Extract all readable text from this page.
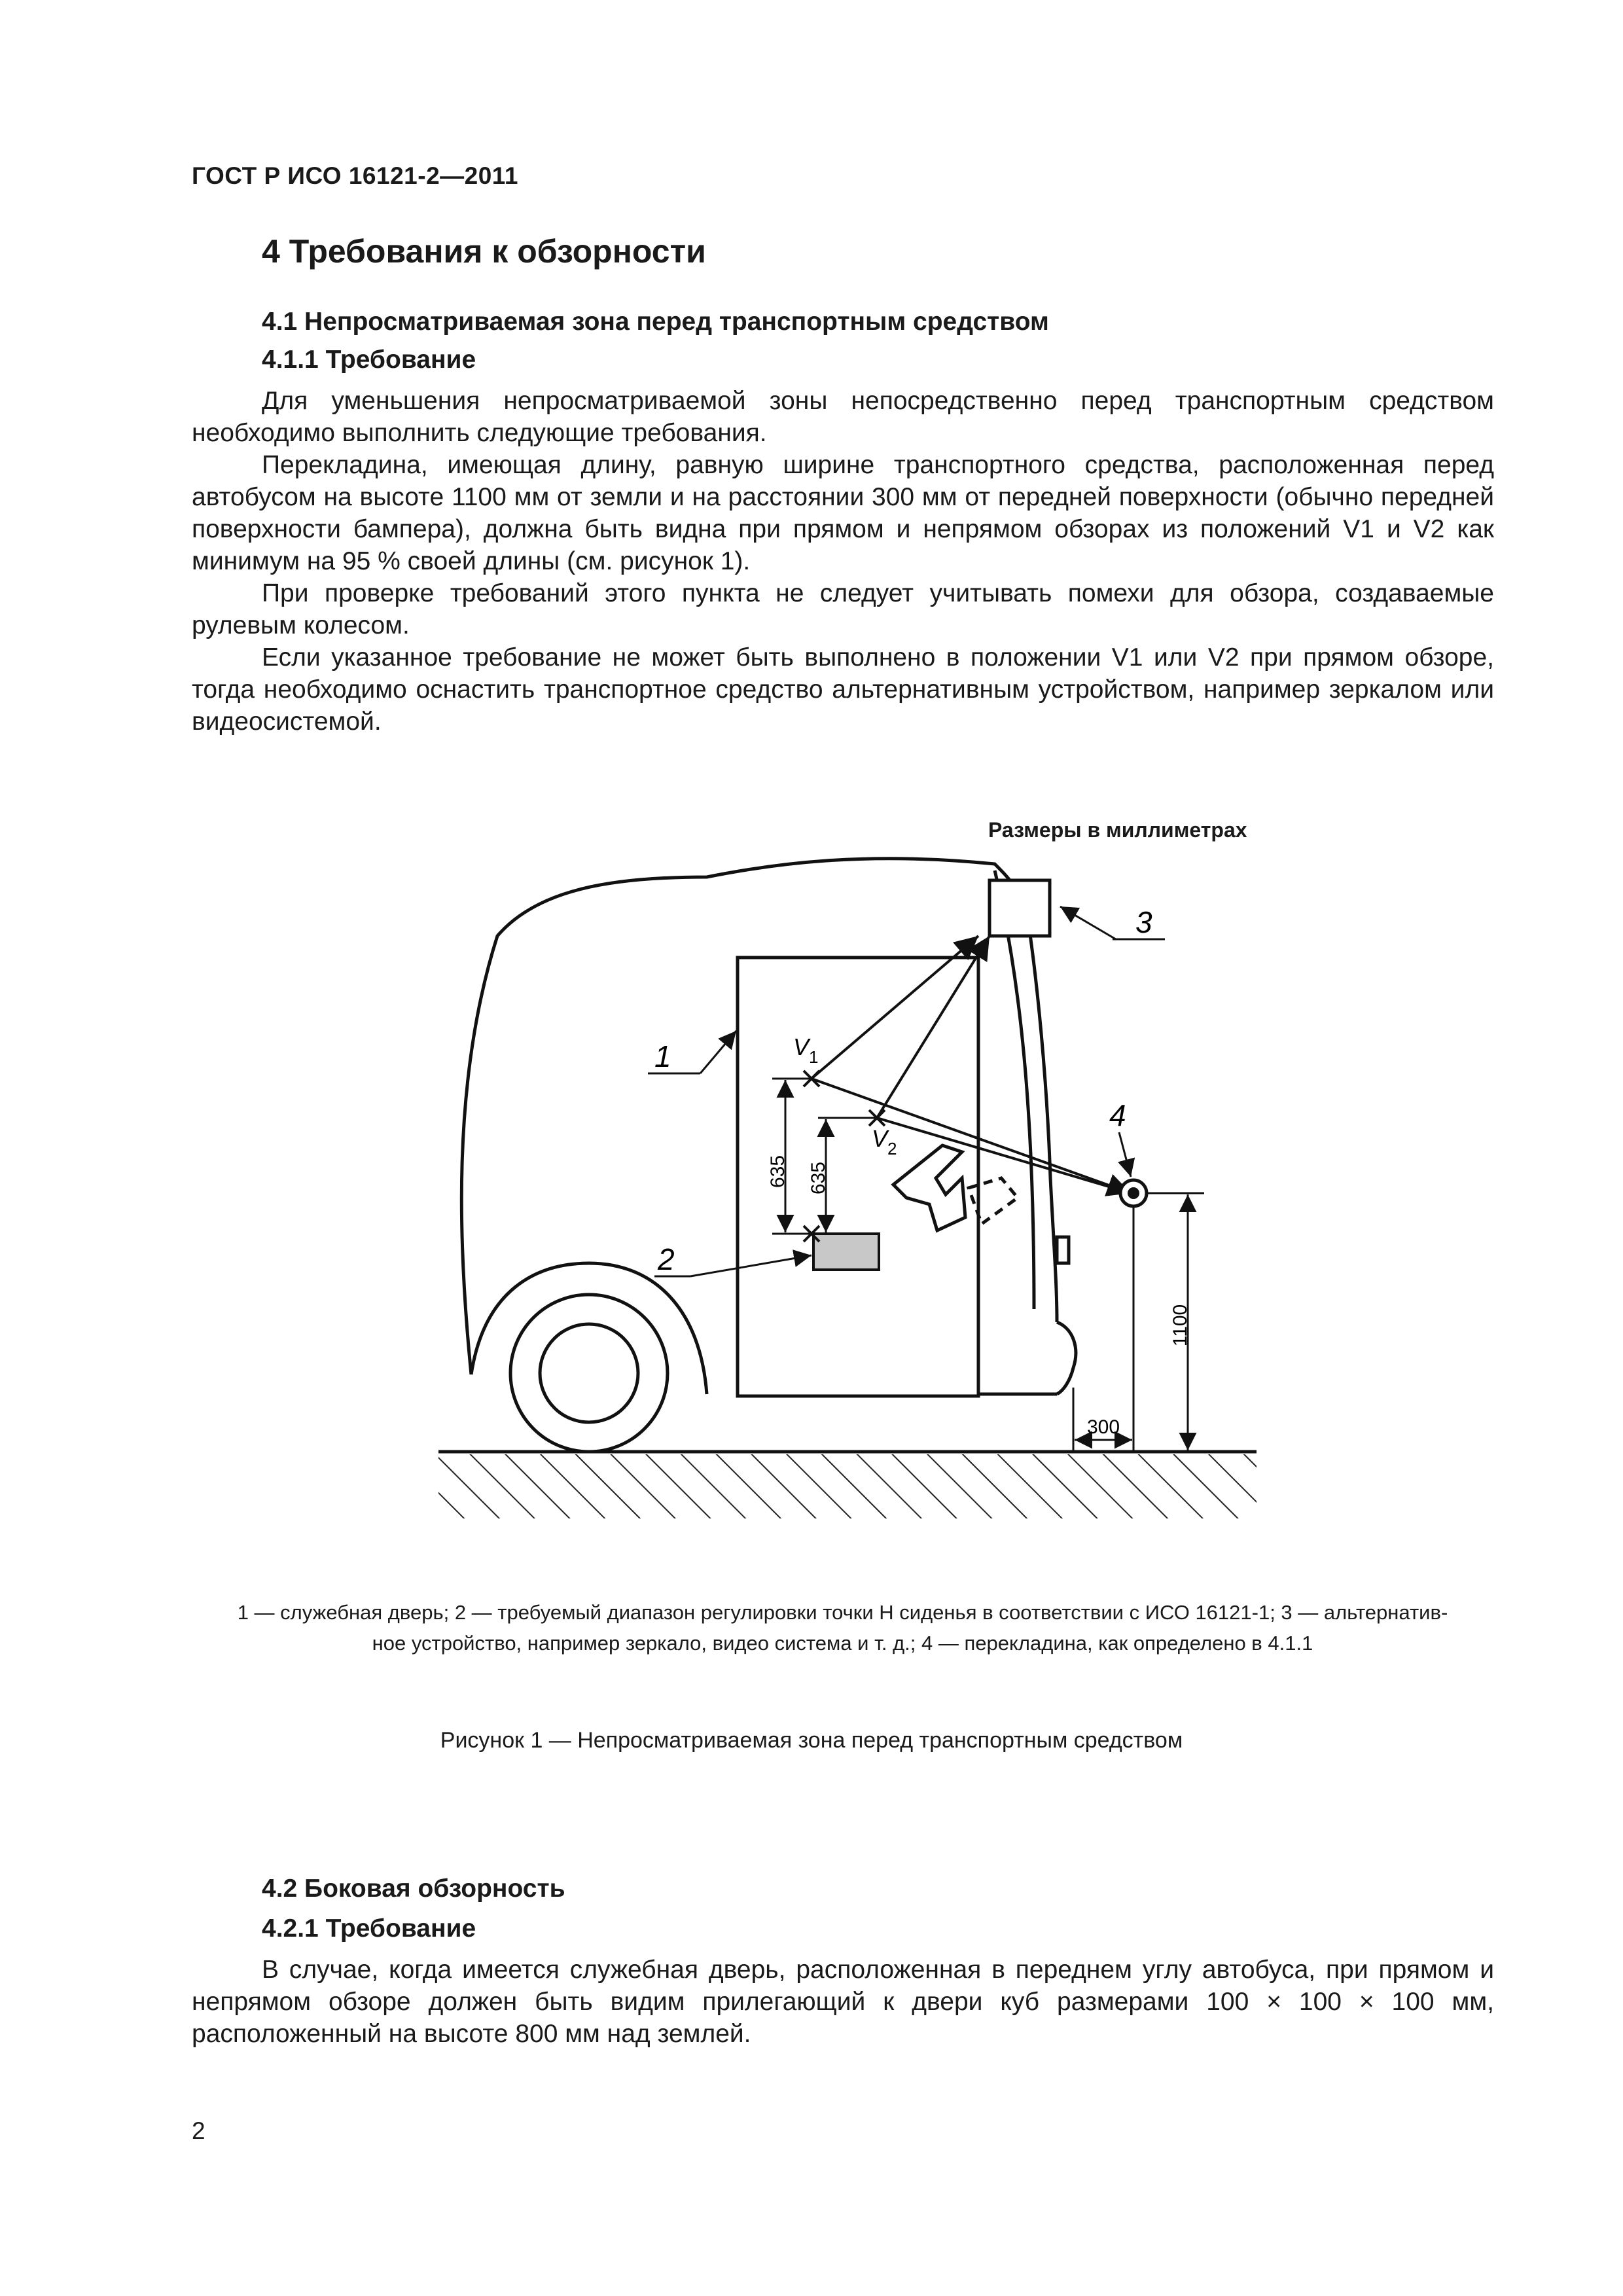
ГОСТ Р ИСО 16121-2—2011
4 Требования к обзорности
4.1 Непросматриваемая зона перед транспортным средством
4.1.1 Требование

Для уменьшения непросматриваемой зоны непосредственно перед транспортным средством необходимо выполнить следующие требования.

Перекладина, имеющая длину, равную ширине транспортного средства, расположенная перед автобусом на высоте 1100 мм от земли и на расстоянии 300 мм от передней поверхности (обычно передней поверхности бампера), должна быть видна при прямом и непрямом обзорах из положений V1 и V2 как минимум на 95 % своей длины (см. рисунок 1).

При проверке требований этого пункта не следует учитывать помехи для обзора, создаваемые рулевым колесом.

Если указанное требование не может быть выполнено в положении V1 или V2 при прямом обзоре, тогда необходимо оснастить транспортное средство альтернативным устройством, например зеркалом или видеосистемой.

Размеры в миллиметрах
1
2
3
4
V 1
V 2
635 635
1100
300
1 — служебная дверь; 2 — требуемый диапазон регулировки точки H сиденья в соответствии с ИСО 16121-1; 3 — альтернатив-
ное устройство, например зеркало, видео система и т. д.; 4 — перекладина, как определено в 4.1.1
Рисунок 1 — Непросматриваемая зона перед транспортным средством
4.2 Боковая обзорность
4.2.1 Требование

В случае, когда имеется служебная дверь, расположенная в переднем углу автобуса, при прямом и непрямом обзоре должен быть видим прилегающий к двери куб размерами 100 × 100 × 100 мм, расположенный на высоте 800 мм над землей.

2
